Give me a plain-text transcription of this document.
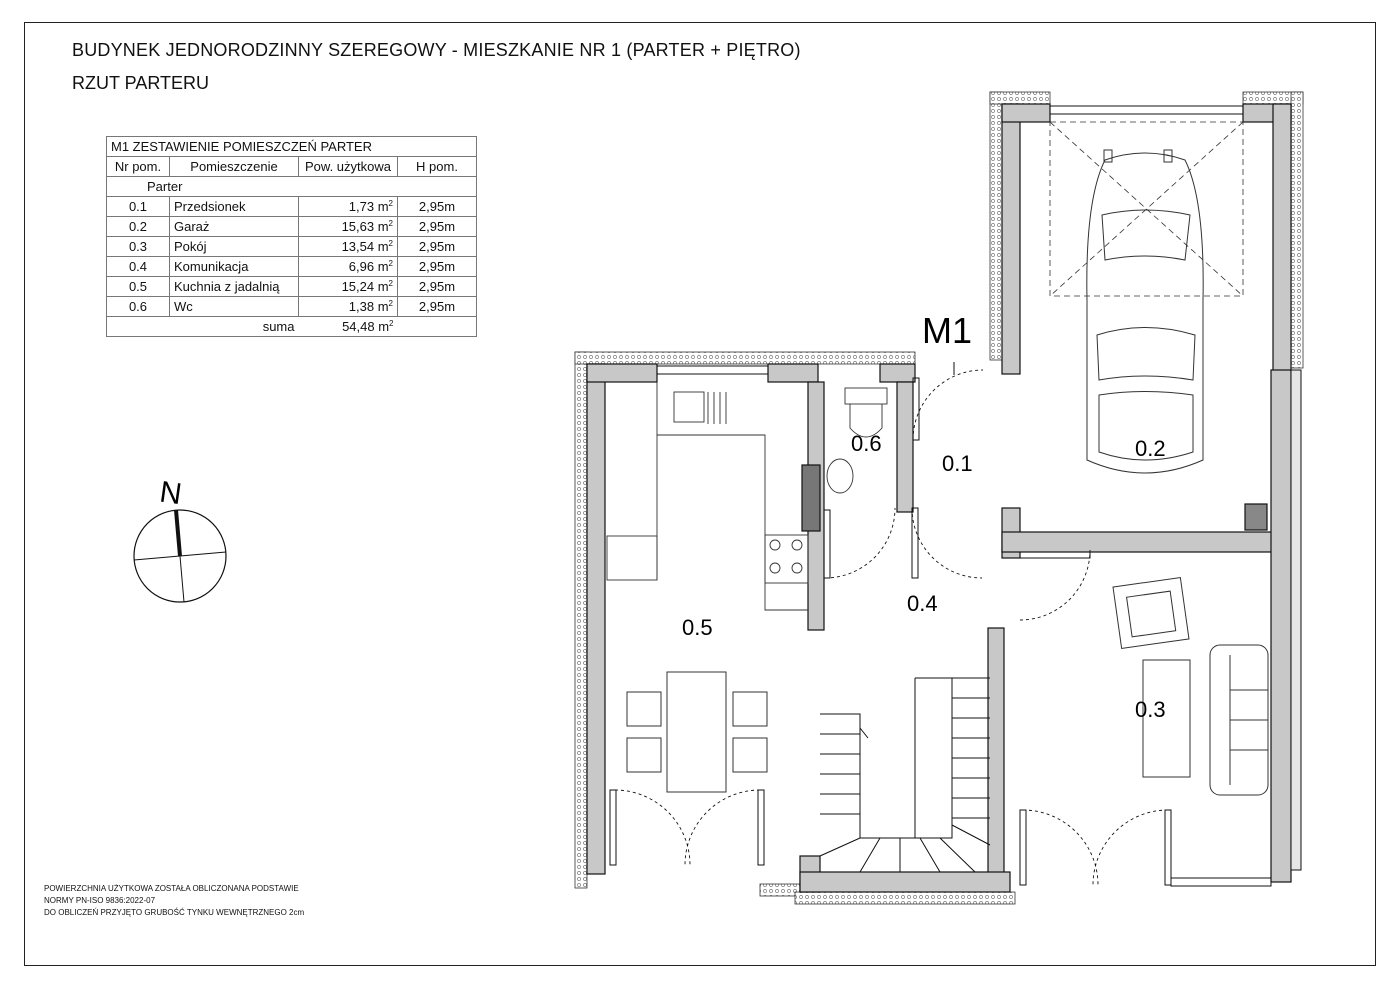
BUDYNEK JEDNORODZINNY SZEREGOWY - MIESZKANIE NR 1 (PARTER + PIĘTRO)
RZUT PARTERU
M1 ZESTAWIENIE POMIESZCZEŃ PARTER			
Nr pom.	Pomieszczenie	Pow. użytkowa	H pom.
Parter			
0.1	Przedsionek	1,73 $m^2$	2,95m
0.2	Garaż	15,63 $m^2$	2,95m
0.3	Pokój	13,54 $m^2$	2,95m
0.4	Komunikacja	6,96 $m^2$	2,95m
0.5	Kuchnia z jadalnią	15,24 $m^2$	2,95m
0.6	Wc	1,38 $m^2$	2,95m
	suma	54,48 $m^2$	
0.6
0.1
0.2
0.4
0.5
0.3
M1
N
POWIERZCHNIA UŻYTKOWA ZOSTAŁA OBLICZONANA PODSTAWIE
NORMY PN-ISO 9836:2022-07
DO OBLICZEŃ PRZYJĘTO GRUBOŚĆ TYNKU WEWNĘTRZNEGO 2cm
